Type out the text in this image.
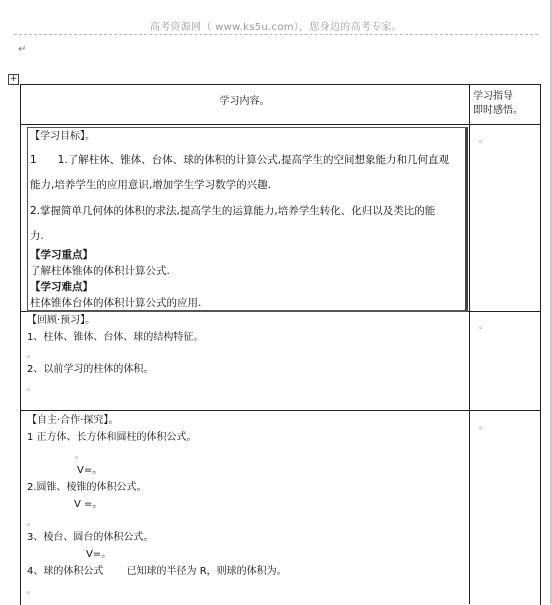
高考资源网（ www.ks5u.com），您身边的高考专家。
↵
+
学习内容。	学习指导
即时感悟。
【学习目标】。
1　　1.了解柱体、锥体、台体、球的体积的计算公式,提高学生的空间想象能力和几何直观
能力,培养学生的应用意识,增加学生学习数学的兴趣.
2.掌握简单几何体的体积的求法,提高学生的运算能力,培养学生转化、化归以及类比的能
力.
【学习重点】
了解柱体锥体的体积计算公式.
【学习难点】
柱体锥体台体的体积计算公式的应用.	。
。
【回顾·预习】。
1、柱体、锥体、台体、球的结构特征。
。
2、以前学习的柱体的体积。
。
。
【自主·合作·探究】。
1 正方体、长方体和圆柱的体积公式。
。
V=。
2.圆锥、棱锥的体积公式。
V =。
。
3、棱台、圆台的体积公式。
V=。
4、球的体积公式　　 已知球的半径为 R，则球的体积为。
。
。
